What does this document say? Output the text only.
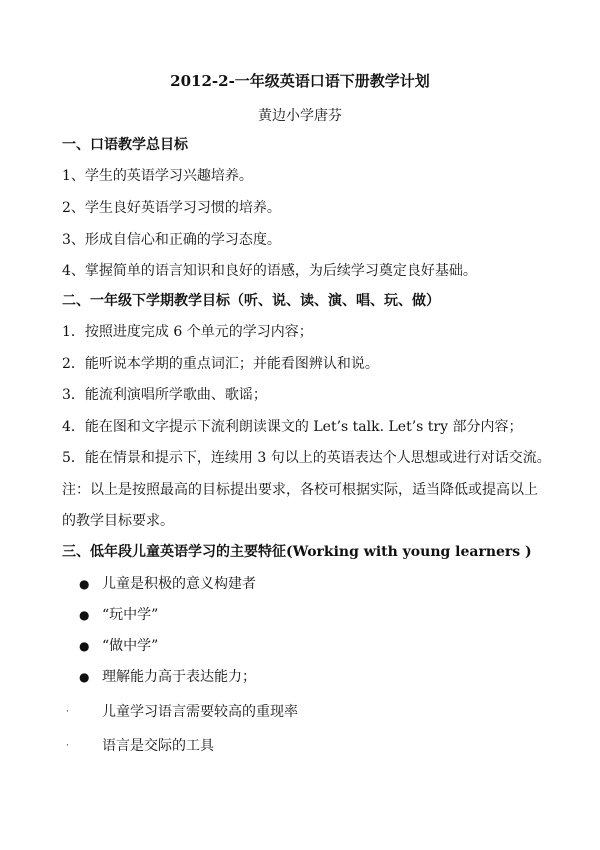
2012-2-一年级英语口语下册教学计划
黄边小学唐芬
一、口语教学总目标
1、学生的英语学习兴趣培养。
2、学生良好英语学习习惯的培养。
3、形成自信心和正确的学习态度。
4、掌握简单的语言知识和良好的语感，为后续学习奠定良好基础。
二、一年级下学期教学目标（听、说、读、演、唱、玩、做）
1．按照进度完成 6 个单元的学习内容；
2．能听说本学期的重点词汇；并能看图辨认和说。
3．能流利演唱所学歌曲、歌谣；
4．能在图和文字提示下流利朗读课文的 Let’s talk. Let’s try 部分内容；
5．能在情景和提示下，连续用 3 句以上的英语表达个人思想或进行对话交流。
注：以上是按照最高的目标提出要求，各校可根据实际，适当降低或提高以上
的教学目标要求。
三、低年段儿童英语学习的主要特征(Working with young learners )
● 儿童是积极的意义构建者
● “玩中学”
● “做中学”
● 理解能力高于表达能力；
· 儿童学习语言需要较高的重现率
· 语言是交际的工具
